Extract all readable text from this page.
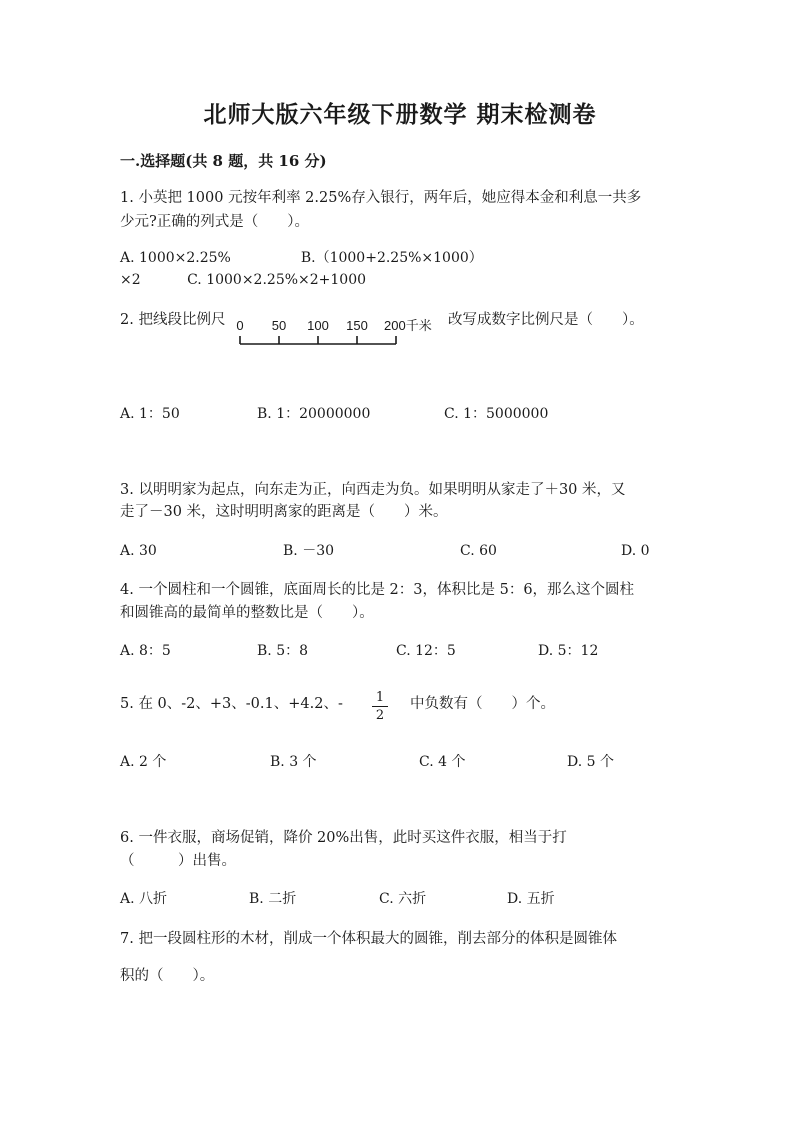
北师大版六年级下册数学 期末检测卷
一.选择题(共 8 题，共 16 分)
1. 小英把 1000 元按年利率 2.25%存入银行，两年后，她应得本金和利息一共多
少元?正确的列式是（　　）。
A. 1000×2.25%　　　　　B.（1000+2.25%×1000）
×2　　　 C. 1000×2.25%×2+1000
2. 把线段比例尺 0 50 100 150 200千米 改写成数字比例尺是（　　）。
A. 1：50	B. 1：20000000	C. 1：5000000
3. 以明明家为起点，向东走为正，向西走为负。如果明明从家走了＋30 米，又
走了－30 米，这时明明离家的距离是（　　）米。
A. 30	B. －30	C. 60	D. 0
4. 一个圆柱和一个圆锥，底面周长的比是 2：3，体积比是 5：6，那么这个圆柱
和圆锥高的最简单的整数比是（　　）。
A. 8：5	B. 5：8	C. 12：5	D. 5：12
5. 在 0、-2、+3、-0.1、+4.2、-	1
2
中负数有（　　）个。
A. 2 个	B. 3 个	C. 4 个	D. 5 个
6. 一件衣服，商场促销，降价 20%出售，此时买这件衣服，相当于打
（　　　）出售。
A. 八折	B. 二折	C. 六折	D. 五折
7. 把一段圆柱形的木材，削成一个体积最大的圆锥，削去部分的体积是圆锥体
积的（　　）。
